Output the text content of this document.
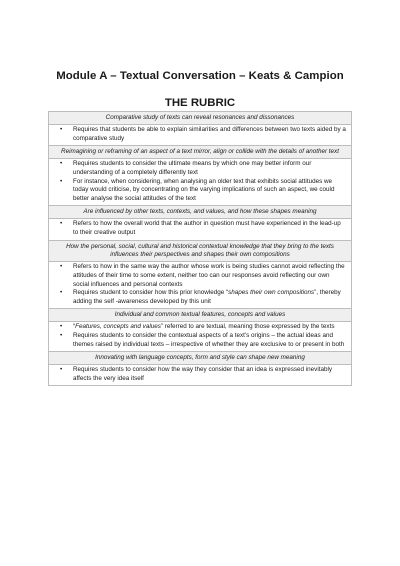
Module A – Textual Conversation – Keats & Campion
THE RUBRIC
Comparative study of texts can reveal resonances and dissonances

• Requires that students be able to explain similarities and differences between two texts aided by a comparative study

Reimagining or reframing of an aspect of a text mirror, align or collide with the details of another text

• Requires students to consider the ultimate means by which one may better inform our understanding of a completely differently text
• For instance, when considering, when analysing an older text that exhibits social attitudes we today would criticise, by concentrating on the varying implications of such an aspect, we could better analyse the social attitudes of the text

Are influenced by other texts, contexts, and values, and how these shapes meaning

• Refers to how the overall world that the author in question must have experienced in the lead-up to their creative output

How the personal, social, cultural and historical contextual knowledge that they bring to the texts influences their perspectives and shapes their own compositions

• Refers to how in the same way the author whose work is being studies cannot avoid reflecting the attitudes of their time to some extent, neither too can our responses avoid reflecting our own social influences and personal contexts
• Requires student to consider how this prior knowledge “shapes their own compositions”, thereby adding the self -awareness developed by this unit

Individual and common textual features, concepts and values

• “Features, concepts and values” referred to are textual, meaning those expressed by the texts
• Requires students to consider the contextual aspects of a text’s origins – the actual ideas and themes raised by individual texts – irrespective of whether they are exclusive to or present in both

Innovating with language concepts, form and style can shape new meaning

• Requires students to consider how the way they consider that an idea is expressed inevitably affects the very idea itself
